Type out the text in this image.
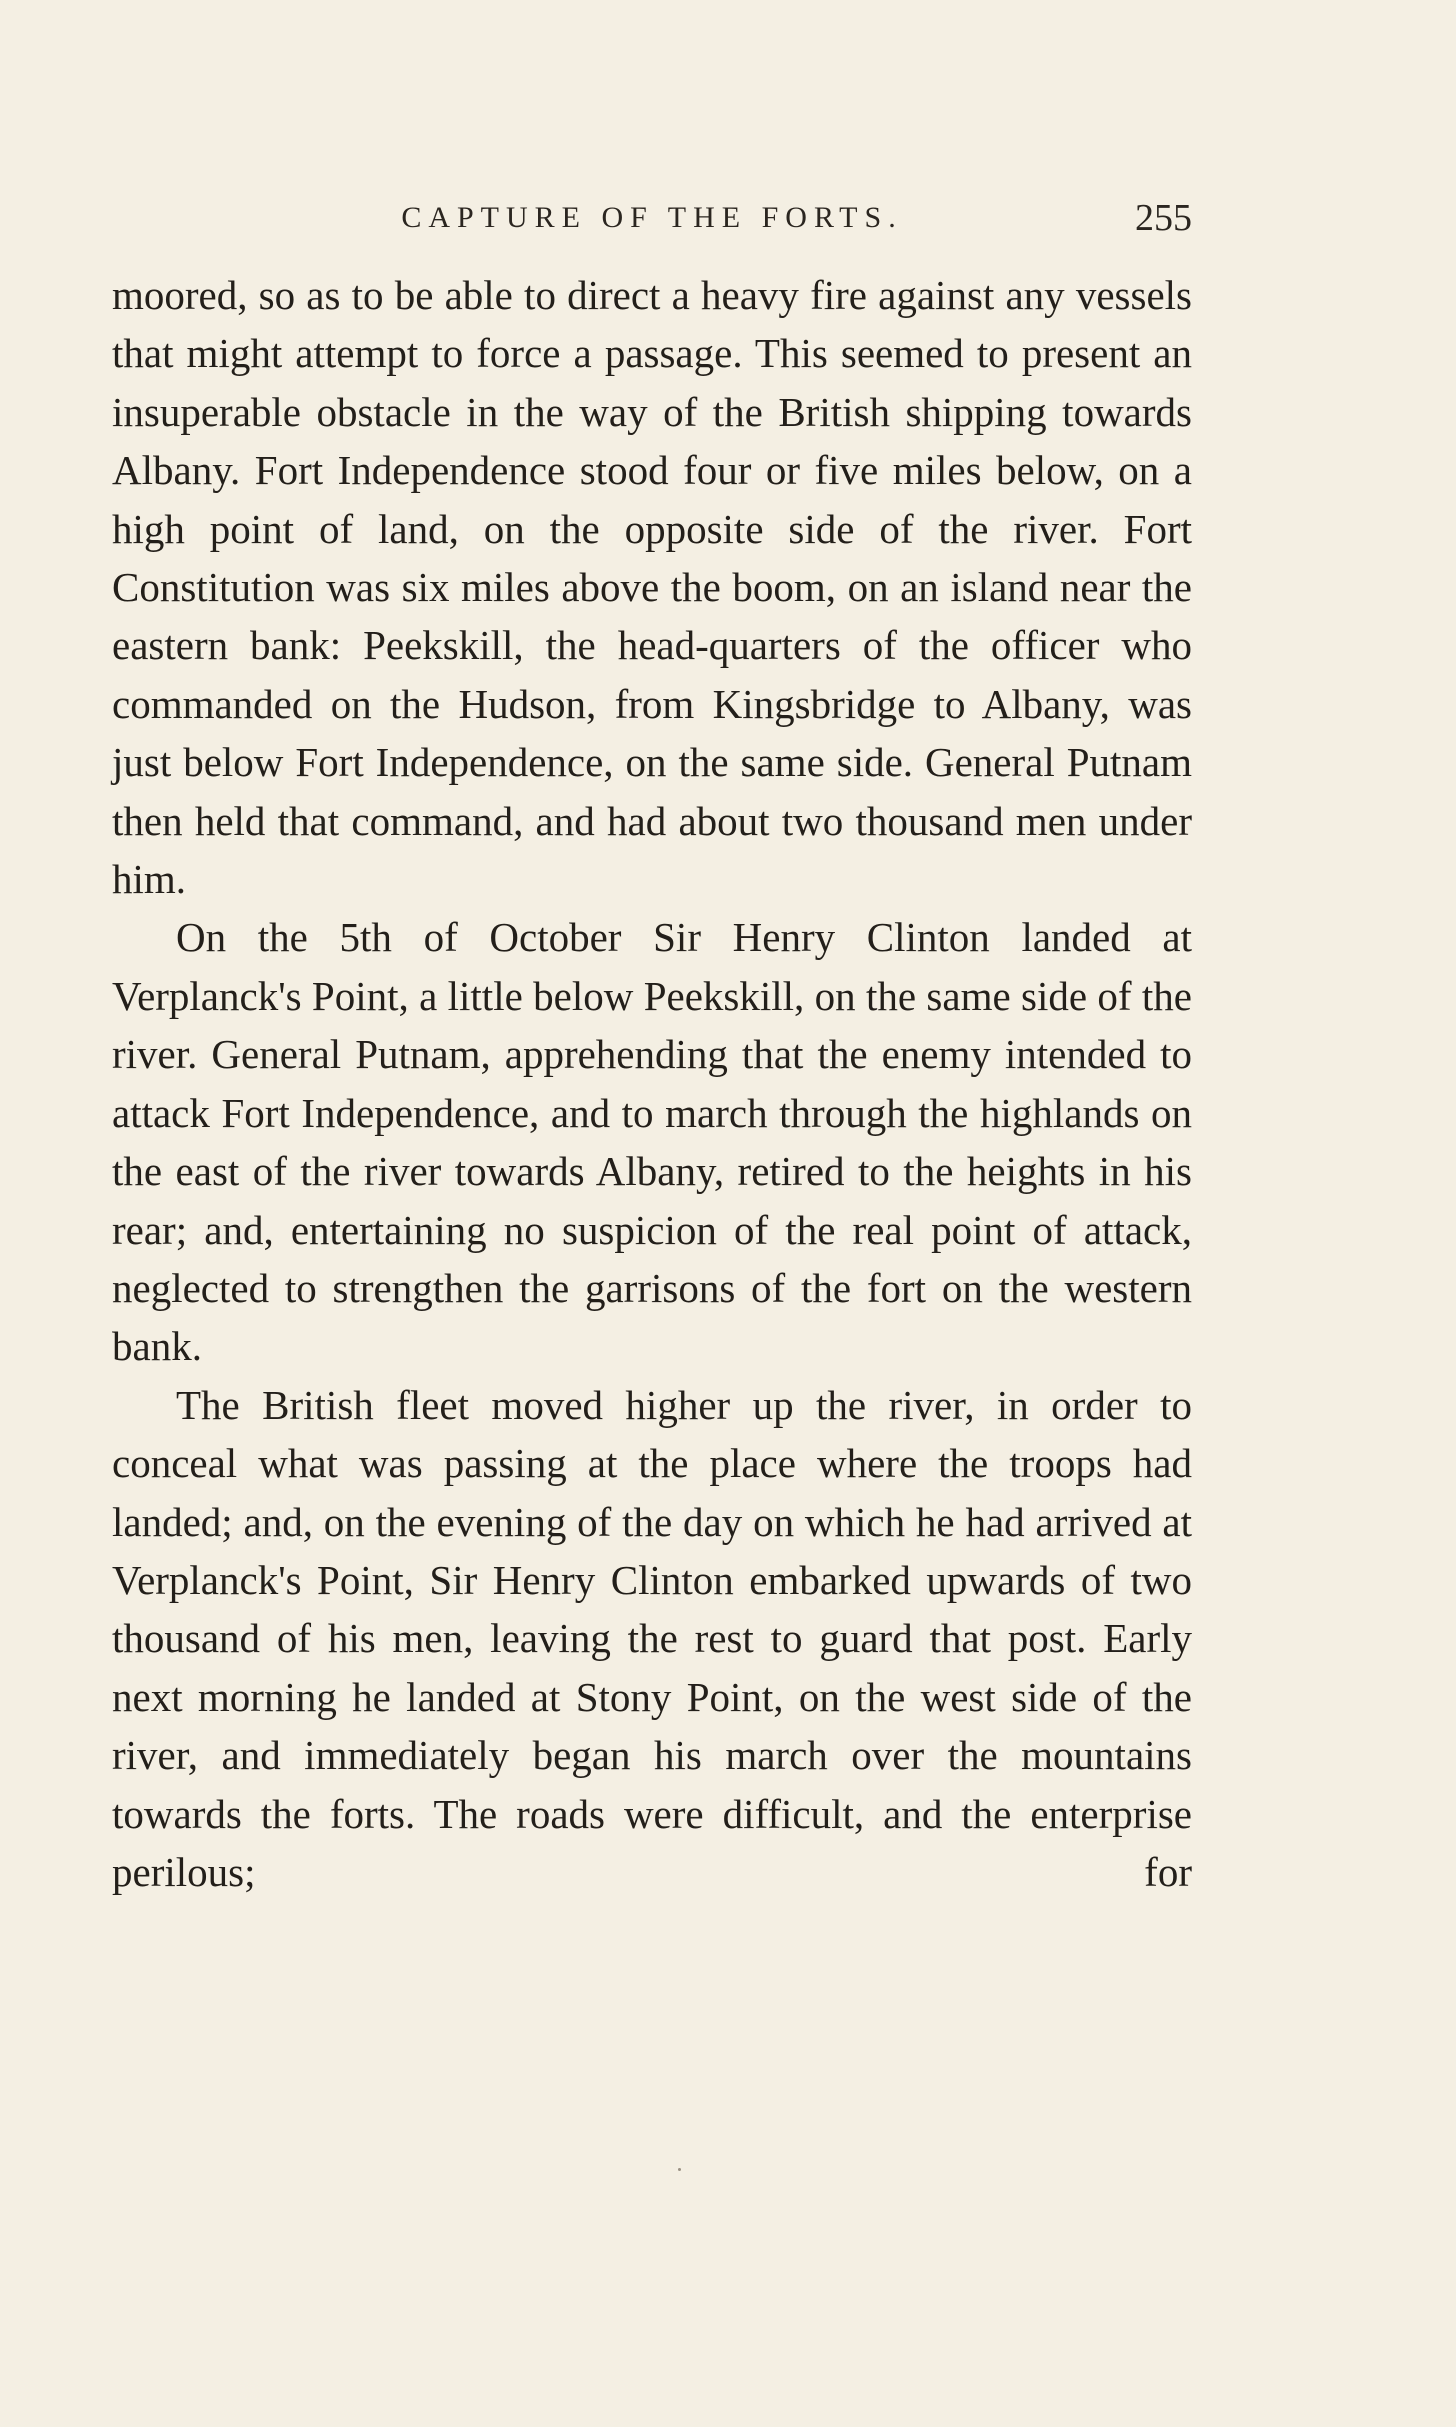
CAPTURE OF THE FORTS.	255

moored, so as to be able to direct a heavy fire against any vessels that might attempt to force a passage. This seemed to present an insuperable obstacle in the way of the British shipping towards Albany. Fort Independence stood four or five miles below, on a high point of land, on the opposite side of the river. Fort Constitution was six miles above the boom, on an island near the eastern bank: Peekskill, the head-quarters of the officer who commanded on the Hudson, from Kingsbridge to Albany, was just below Fort Independence, on the same side. General Putnam then held that command, and had about two thousand men under him.

On the 5th of October Sir Henry Clinton landed at Verplanck's Point, a little below Peekskill, on the same side of the river. General Putnam, apprehending that the enemy intended to attack Fort Independence, and to march through the highlands on the east of the river towards Albany, retired to the heights in his rear; and, entertaining no suspicion of the real point of attack, neglected to strengthen the garrisons of the fort on the western bank.

The British fleet moved higher up the river, in order to conceal what was passing at the place where the troops had landed; and, on the evening of the day on which he had arrived at Verplanck's Point, Sir Henry Clinton embarked upwards of two thousand of his men, leaving the rest to guard that post. Early next morning he landed at Stony Point, on the west side of the river, and immediately began his march over the mountains towards the forts. The roads were difficult, and the enterprise perilous; for
